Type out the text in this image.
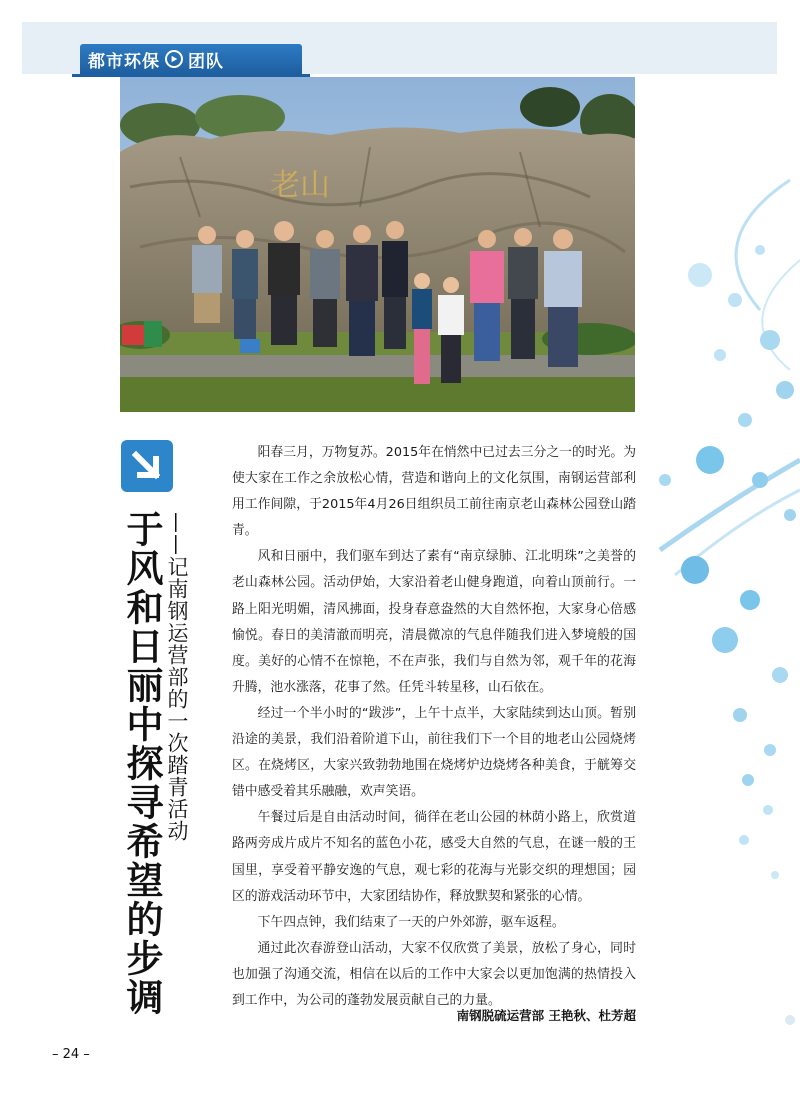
都市环保 团队
老山
于风和日丽中探寻希望的步调 ——记南钢运营部的一次踏青活动

阳春三月，万物复苏。2015年在悄然中已过去三分之一的时光。为使大家在工作之余放松心情，营造和谐向上的文化氛围，南钢运营部利用工作间隙，于2015年4月26日组织员工前往南京老山森林公园登山踏青。

风和日丽中，我们驱车到达了素有“南京绿肺、江北明珠”之美誉的老山森林公园。活动伊始，大家沿着老山健身跑道，向着山顶前行。一路上阳光明媚，清风拂面，投身春意盎然的大自然怀抱，大家身心倍感愉悦。春日的美清澈而明亮，清晨微凉的气息伴随我们进入梦境般的国度。美好的心情不在惊艳，不在声张，我们与自然为邻，观千年的花海升腾，池水涨落，花事了然。任凭斗转星移，山石依在。

经过一个半小时的“跋涉”，上午十点半，大家陆续到达山顶。暂别沿途的美景，我们沿着阶道下山，前往我们下一个目的地老山公园烧烤区。在烧烤区，大家兴致勃勃地围在烧烤炉边烧烤各种美食，于觥筹交错中感受着其乐融融，欢声笑语。

午餐过后是自由活动时间，徜徉在老山公园的林荫小路上，欣赏道路两旁成片成片不知名的蓝色小花，感受大自然的气息，在谜一般的王国里，享受着平静安逸的气息，观七彩的花海与光影交织的理想国；园区的游戏活动环节中，大家团结协作，释放默契和紧张的心情。

下午四点钟，我们结束了一天的户外郊游，驱车返程。

通过此次春游登山活动，大家不仅欣赏了美景，放松了身心，同时也加强了沟通交流，相信在以后的工作中大家会以更加饱满的热情投入到工作中，为公司的蓬勃发展贡献自己的力量。

南钢脱硫运营部 王艳秋、杜芳超
– 24 –
